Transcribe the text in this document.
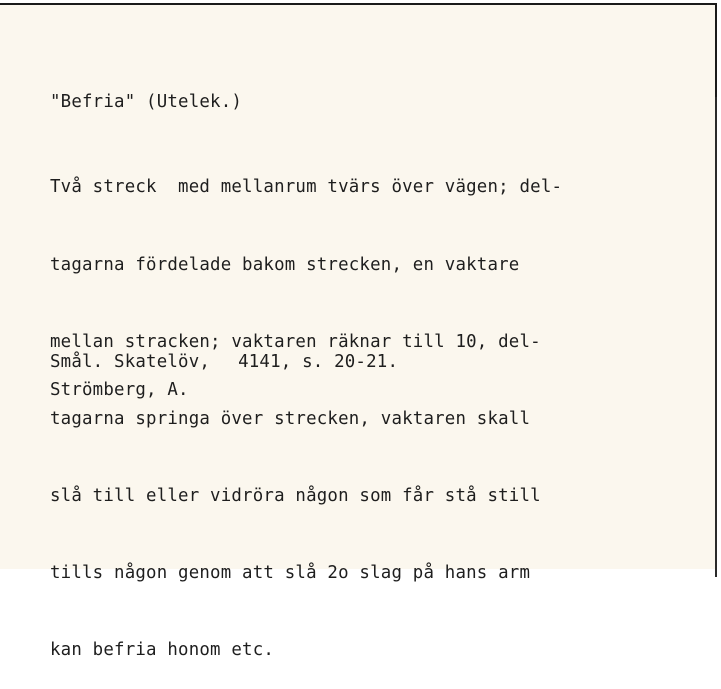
"Befria" (Utelek.)

Två streck  med mellanrum tvärs över vägen; del-

tagarna fördelade bakom strecken, en vaktare

mellan stracken; vaktaren räknar till 10, del-

tagarna springa över strecken, vaktaren skall

slå till eller vidröra någon som får stå still

tills någon genom att slå 2o slag på hans arm

kan befria honom etc.

Smål. Skatelöv, 4141, s. 20-21.

Strömberg, A.
